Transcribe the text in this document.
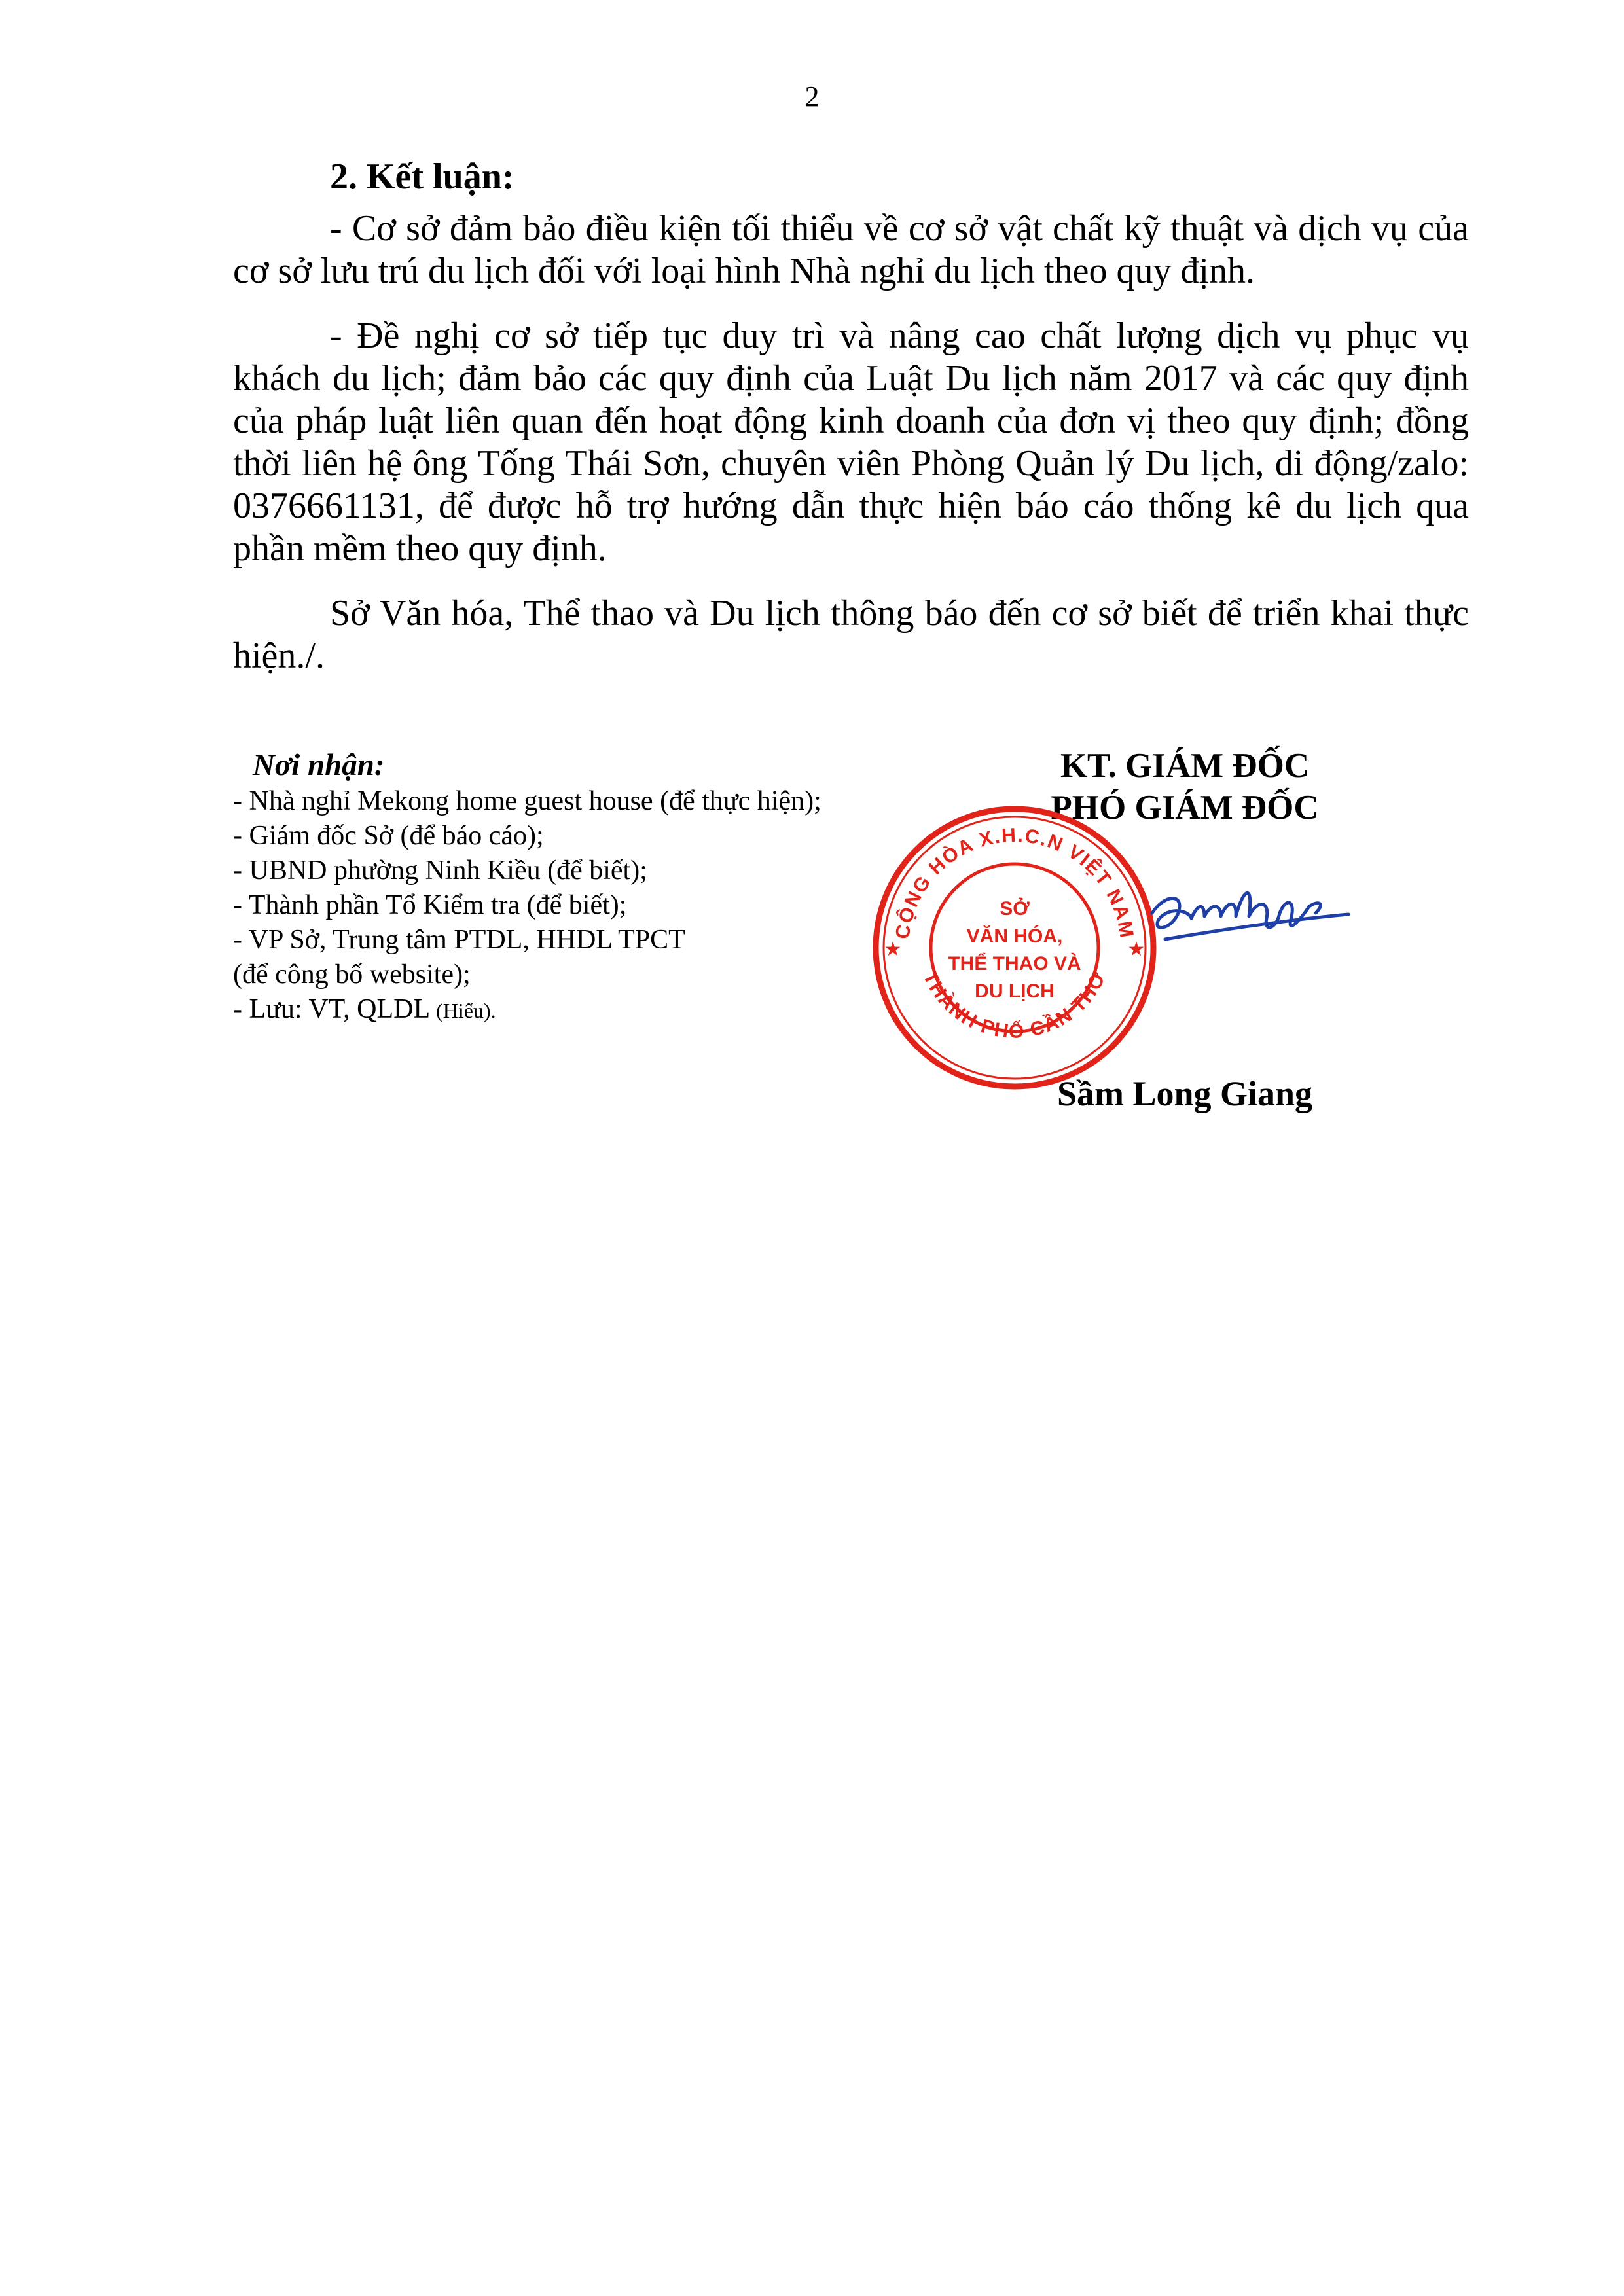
2

2. Kết luận:

- Cơ sở đảm bảo điều kiện tối thiểu về cơ sở vật chất kỹ thuật và dịch vụ của cơ sở lưu trú du lịch đối với loại hình Nhà nghỉ du lịch theo quy định.

- Đề nghị cơ sở tiếp tục duy trì và nâng cao chất lượng dịch vụ phục vụ khách du lịch; đảm bảo các quy định của Luật Du lịch năm 2017 và các quy định của pháp luật liên quan đến hoạt động kinh doanh của đơn vị theo quy định; đồng thời liên hệ ông Tống Thái Sơn, chuyên viên Phòng Quản lý Du lịch, di động/zalo: 0376661131, để được hỗ trợ hướng dẫn thực hiện báo cáo thống kê du lịch qua phần mềm theo quy định.

Sở Văn hóa, Thể thao và Du lịch thông báo đến cơ sở biết để triển khai thực hiện./.

Nơi nhận:
- Nhà nghỉ Mekong home guest house (để thực hiện);
- Giám đốc Sở (để báo cáo);
- UBND phường Ninh Kiều (để biết);
- Thành phần Tổ Kiểm tra (để biết);
- VP Sở, Trung tâm PTDL, HHDL TPCT
(để công bố website);
- Lưu: VT, QLDL (Hiếu).
KT. GIÁM ĐỐC
PHÓ GIÁM ĐỐC
CỘNG HÒA X.H.C.N VIỆT NAM
THÀNH PHỐ CẦN THƠ
★	★
SỞ
VĂN HÓA,
THỂ THAO VÀ
DU LỊCH
Sầm Long Giang
